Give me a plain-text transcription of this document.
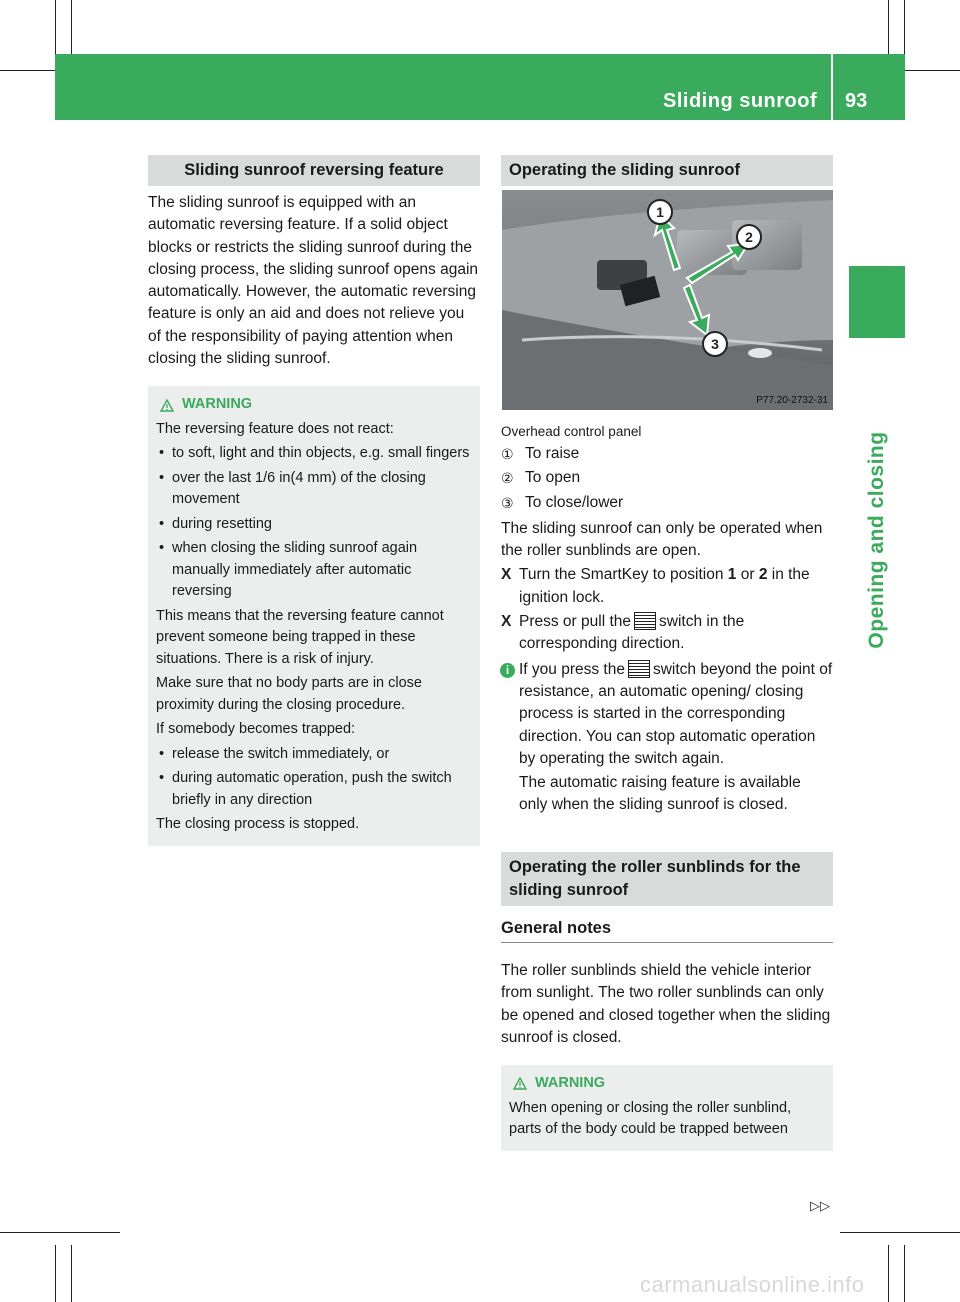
Sliding sunroof 93
Opening and closing
Sliding sunroof reversing feature

The sliding sunroof is equipped with an automatic reversing feature. If a solid object blocks or restricts the sliding sunroof during the closing process, the sliding sunroof opens again automatically. However, the automatic reversing feature is only an aid and does not relieve you of the responsibility of paying attention when closing the sliding sunroof.

WARNING
The reversing feature does not react:
• to soft, light and thin objects, e.g. small fingers
• over the last 1/6 in(4 mm) of the closing movement
• during resetting
• when closing the sliding sunroof again manually immediately after automatic reversing
This means that the reversing feature cannot prevent someone being trapped in these situations. There is a risk of injury.
Make sure that no body parts are in close proximity during the closing procedure.
If somebody becomes trapped:
• release the switch immediately, or
• during automatic operation, push the switch briefly in any direction
The closing process is stopped.
Operating the sliding sunroof
1
2
3
P77.20-2732-31
Overhead control panel
① To raise
② To open
③ To close/lower

The sliding sunroof can only be operated when the roller sunblinds are open.

X Turn the SmartKey to position 1 or 2 in the ignition lock.
X Press or pull the switch in the corresponding direction.
i If you press the switch beyond the point of resistance, an automatic opening/ closing process is started in the corresponding direction. You can stop automatic operation by operating the switch again.
The automatic raising feature is available only when the sliding sunroof is closed.
Operating the roller sunblinds for the sliding sunroof
General notes

The roller sunblinds shield the vehicle interior from sunlight. The two roller sunblinds can only be opened and closed together when the sliding sunroof is closed.

WARNING
When opening or closing the roller sunblind, parts of the body could be trapped between
▷▷
carmanualsonline.info
